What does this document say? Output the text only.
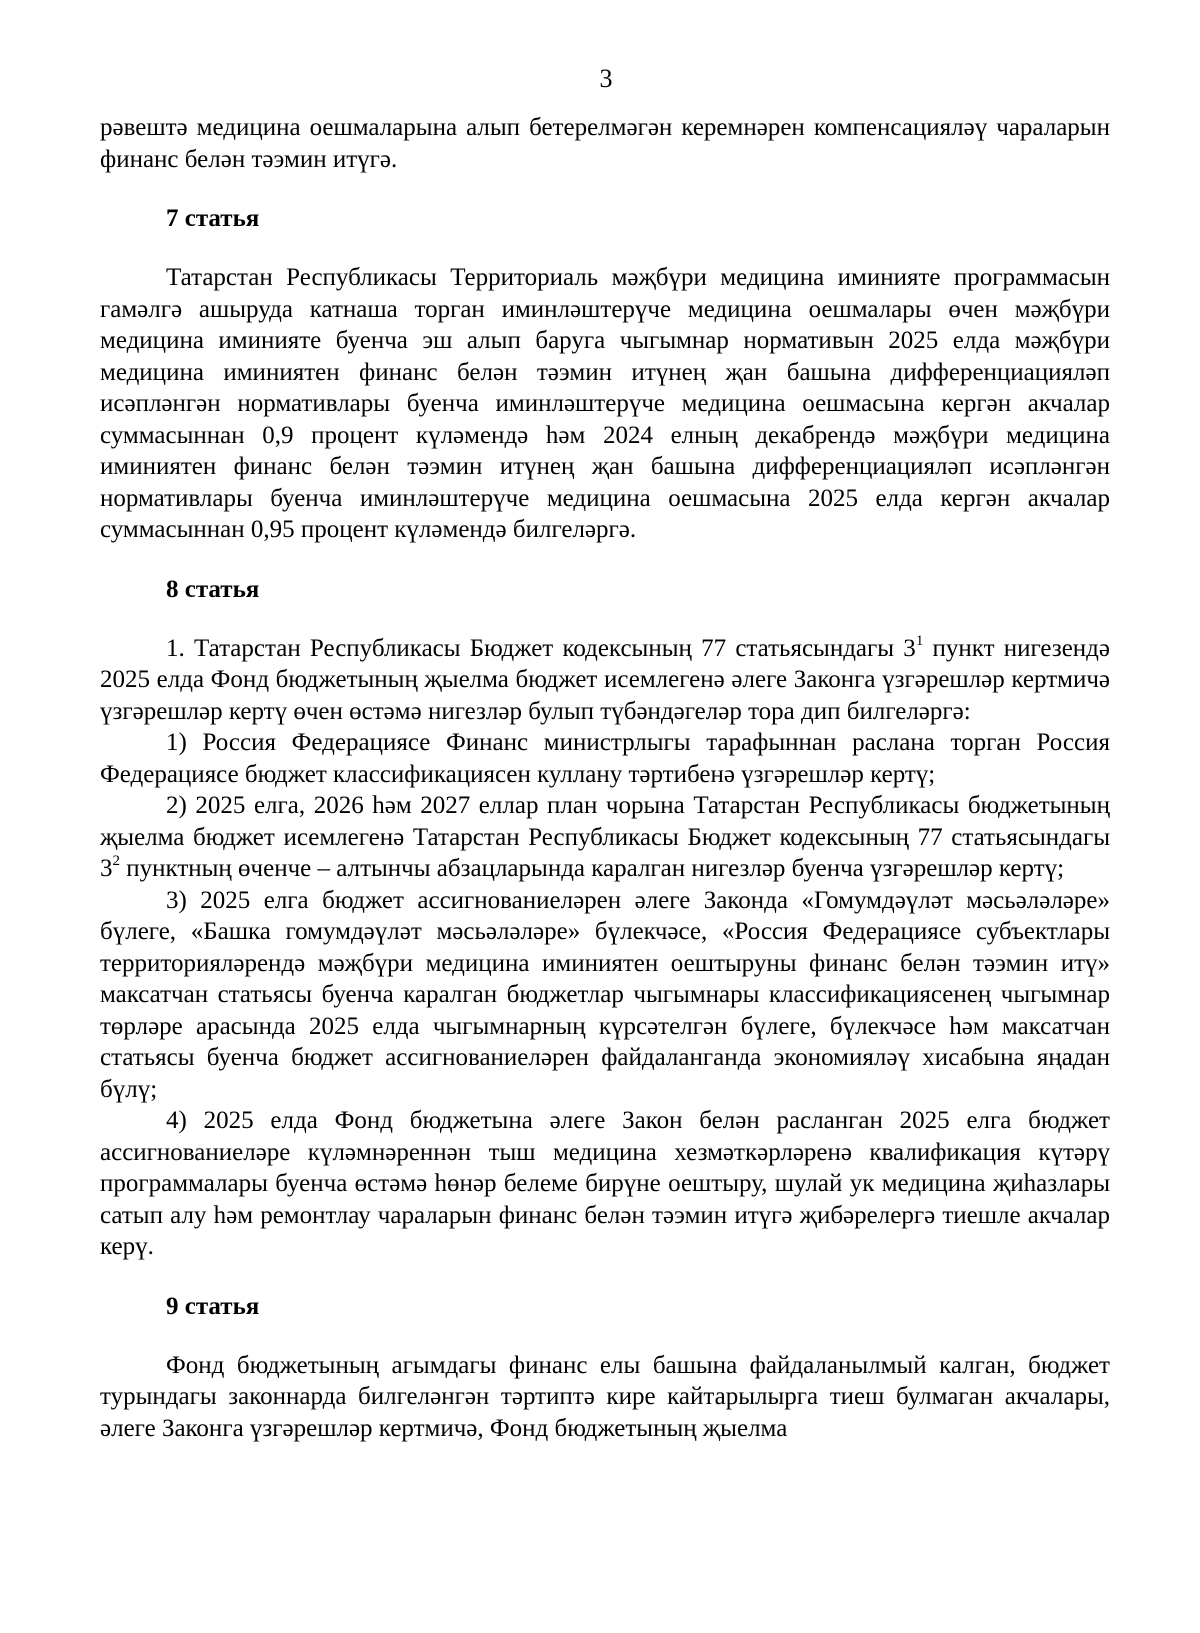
3

рәвештә медицина оешмаларына алып бетерелмәгән керемнәрен компенсацияләү чараларын финанс белән тәэмин итүгә.

7 статья

Татарстан Республикасы Территориаль мәҗбүри медицина иминияте программасын гамәлгә ашыруда катнаша торган иминләштерүче медицина оешмалары өчен мәҗбүри медицина иминияте буенча эш алып баруга чыгымнар нормативын 2025 елда мәҗбүри медицина иминиятен финанс белән тәэмин итүнең җан башына дифференциацияләп исәпләнгән нормативлары буенча иминләштерүче медицина оешмасына кергән акчалар суммасыннан 0,9 процент күләмендә һәм 2024 елның декабрендә мәҗбүри медицина иминиятен финанс белән тәэмин итүнең җан башына дифференциацияләп исәпләнгән нормативлары буенча иминләштерүче медицина оешмасына 2025 елда кергән акчалар суммасыннан 0,95 процент күләмендә билгеләргә.

8 статья

1. Татарстан Республикасы Бюджет кодексының 77 статьясындагы $3^1$ пункт нигезендә 2025 елда Фонд бюджетының җыелма бюджет исемлегенә әлеге Законга үзгәрешләр кертмичә үзгәрешләр кертү өчен өстәмә нигезләр булып түбәндәгеләр тора дип билгеләргә:

1) Россия Федерациясе Финанс министрлыгы тарафыннан раслана торган Россия Федерациясе бюджет классификациясен куллану тәртибенә үзгәрешләр кертү;

2) 2025 елга, 2026 һәм 2027 еллар план чорына Татарстан Республикасы бюджетының җыелма бюджет исемлегенә Татарстан Республикасы Бюджет кодексының 77 статьясындагы $3^2$ пунктның өченче – алтынчы абзацларында каралган нигезләр буенча үзгәрешләр кертү;

3) 2025 елга бюджет ассигнованиеләрен әлеге Законда «Гомумдәүләт мәсьәләләре» бүлеге, «Башка гомумдәүләт мәсьәләләре» бүлекчәсе, «Россия Федерациясе субъектлары территорияләрендә мәҗбүри медицина иминиятен оештыруны финанс белән тәэмин итү» максатчан статьясы буенча каралган бюджетлар чыгымнары классификациясенең чыгымнар төрләре арасында 2025 елда чыгымнарның күрсәтелгән бүлеге, бүлекчәсе һәм максатчан статьясы буенча бюджет ассигнованиеләрен файдаланганда экономияләү хисабына яңадан бүлү;

4) 2025 елда Фонд бюджетына әлеге Закон белән расланган 2025 елга бюджет ассигнованиеләре күләмнәреннән тыш медицина хезмәткәрләренә квалификация күтәрү программалары буенча өстәмә һөнәр белеме бирүне оештыру, шулай ук медицина җиһазлары сатып алу һәм ремонтлау чараларын финанс белән тәэмин итүгә җибәрелергә тиешле акчалар керү.

9 статья

Фонд бюджетының агымдагы финанс елы башына файдаланылмый калган, бюджет турындагы законнарда билгеләнгән тәртиптә кире кайтарылырга тиеш булмаган акчалары, әлеге Законга үзгәрешләр кертмичә, Фонд бюджетының җыелма
